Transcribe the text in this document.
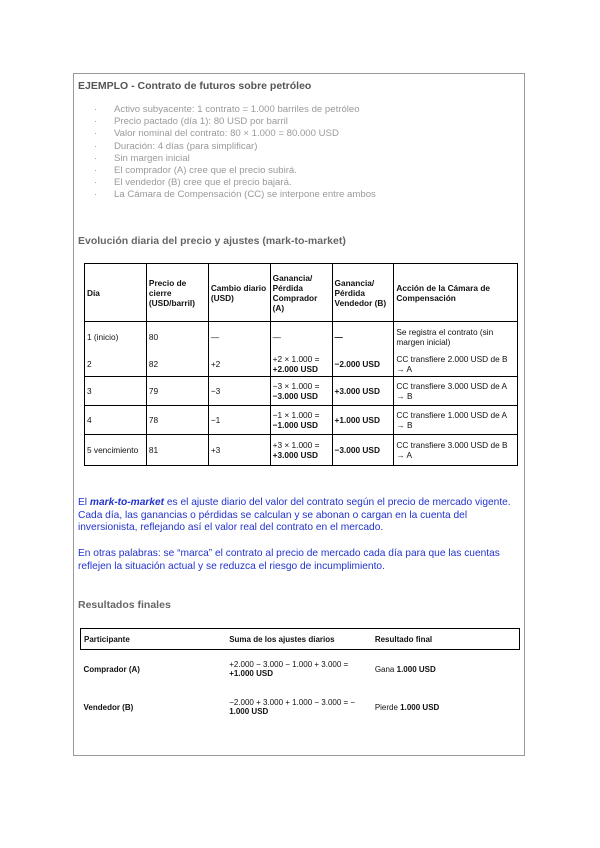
EJEMPLO - Contrato de futuros sobre petróleo
· Activo subyacente: 1 contrato = 1.000 barriles de petróleo
· Precio pactado (día 1): 80 USD por barril
· Valor nominal del contrato: 80 × 1.000 = 80.000 USD
· Duración: 4 días (para simplificar)
· Sin margen inicial
· El comprador (A) cree que el precio subirá.
· El vendedor (B) cree que el precio bajará.
· La Cámara de Compensación (CC) se interpone entre ambos
Evolución diaria del precio y ajustes (mark-to-market)
Día	Precio de cierre (USD/barril)	Cambio diario (USD)	Ganancia/ Pérdida Comprador (A)	Ganancia/ Pérdida Vendedor (B)	Acción de la Cámara de Compensación
1 (inicio)	80	—	—	—	Se registra el contrato (sin margen inicial)
2	82	+2	+2 × 1.000 =
+2.000 USD	−2.000 USD	CC transfiere 2.000 USD de B → A
3	79	−3	−3 × 1.000 =
−3.000 USD	+3.000 USD	CC transfiere 3.000 USD de A → B
4	78	−1	−1 × 1.000 =
−1.000 USD	+1.000 USD	CC transfiere 1.000 USD de A → B
5 vencimiento	81	+3	+3 × 1.000 =
+3.000 USD	−3.000 USD	CC transfiere 3.000 USD de B → A

El mark-to-market es el ajuste diario del valor del contrato según el precio de mercado vigente. Cada día, las ganancias o pérdidas se calculan y se abonan o cargan en la cuenta del inversionista, reflejando así el valor real del contrato en el mercado.

En otras palabras: se “marca” el contrato al precio de mercado cada día para que las cuentas reflejen la situación actual y se reduzca el riesgo de incumplimiento.

Resultados finales
Participante	Suma de los ajustes diarios	Resultado final
Comprador (A)	+2.000 − 3.000 − 1.000 + 3.000 =
+1.000 USD	Gana 1.000 USD
Vendedor (B)	−2.000 + 3.000 + 1.000 − 3.000 = −
1.000 USD	Pierde 1.000 USD
